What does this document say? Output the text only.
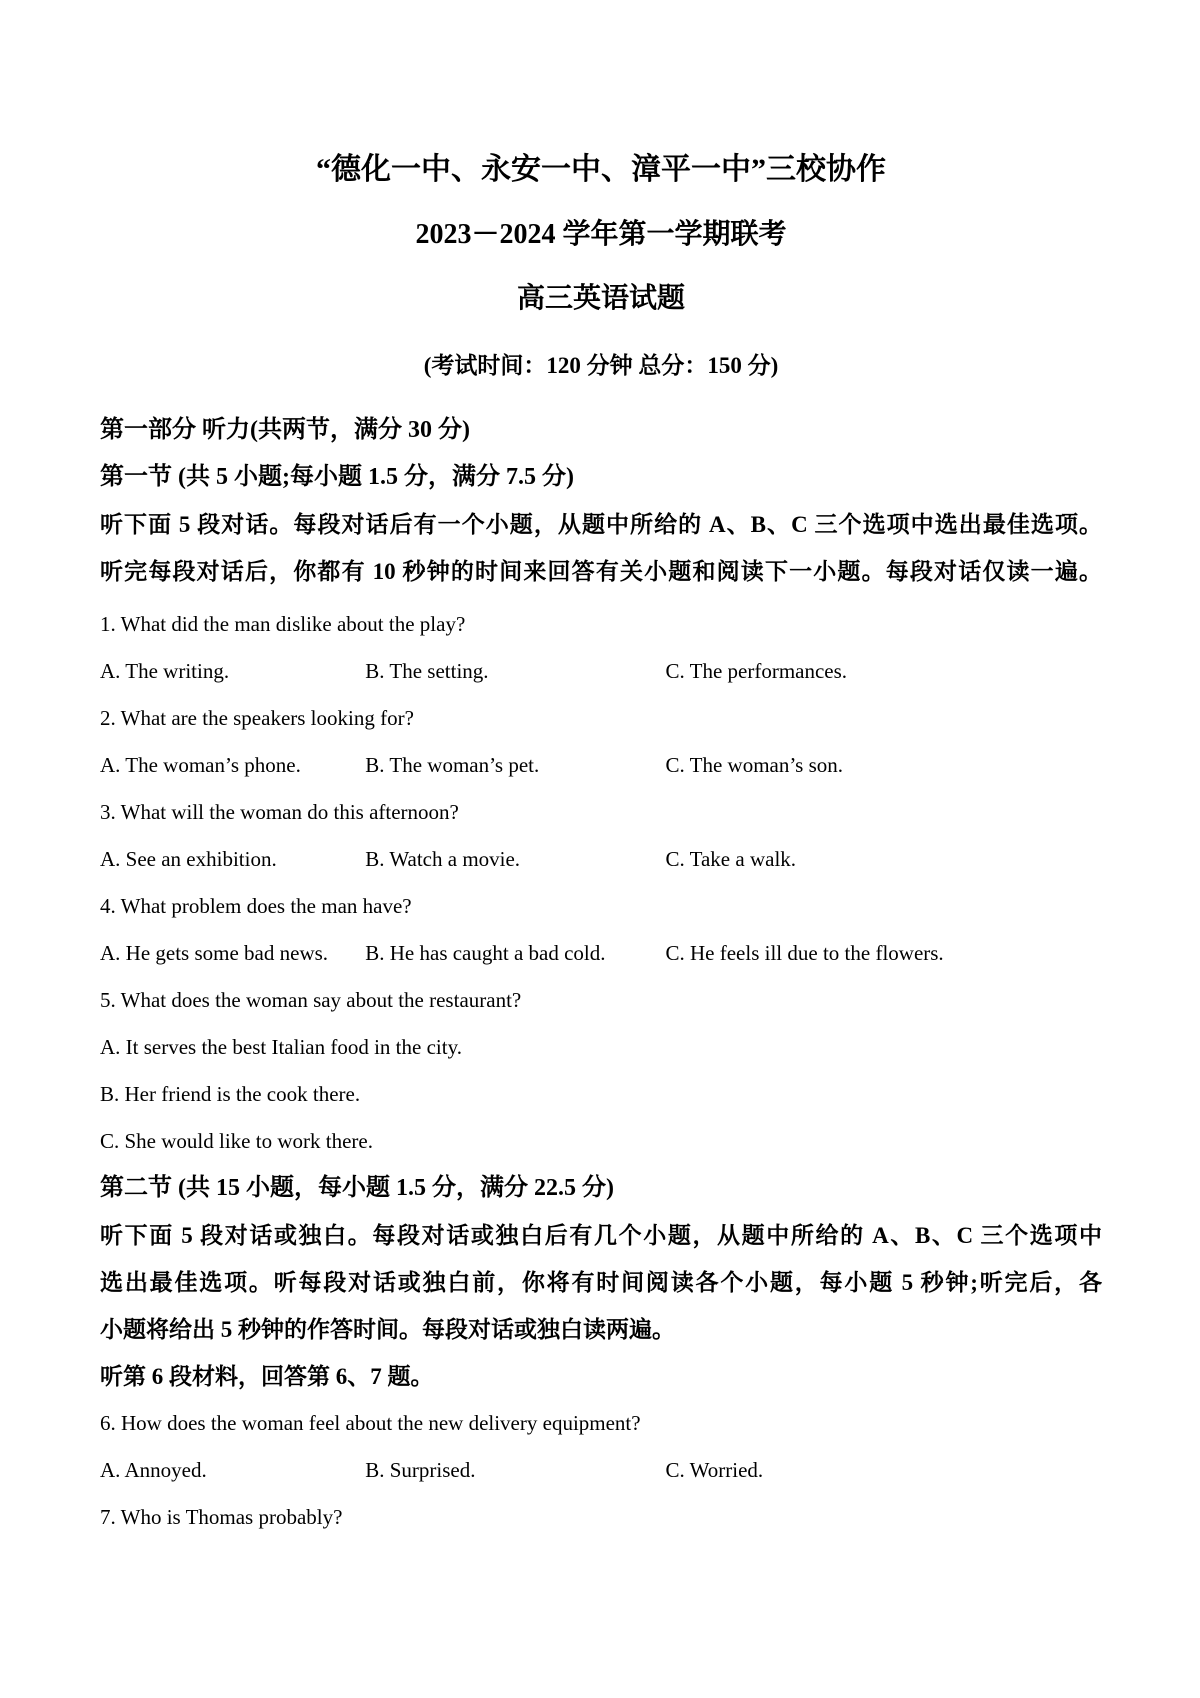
“德化一中、永安一中、漳平一中”三校协作
2023－2024 学年第一学期联考
高三英语试题
(考试时间：120 分钟 总分：150 分)
第一部分 听力(共两节，满分 30 分)
第一节 (共 5 小题;每小题 1.5 分，满分 7.5 分)
听下面 5 段对话。每段对话后有一个小题，从题中所给的 A、B、C 三个选项中选出最佳选项。
听完每段对话后，你都有 10 秒钟的时间来回答有关小题和阅读下一小题。每段对话仅读一遍。
1. What did the man dislike about the play?
A. The writing.	B. The setting.	C. The performances.
2. What are the speakers looking for?
A. The woman’s phone.	B. The woman’s pet.	C. The woman’s son.
3. What will the woman do this afternoon?
A. See an exhibition.	B. Watch a movie.	C. Take a walk.
4. What problem does the man have?
A. He gets some bad news. B. He has caught a bad cold.	C. He feels ill due to the flowers.
5. What does the woman say about the restaurant?
A. It serves the best Italian food in the city.
B. Her friend is the cook there.
C. She would like to work there.
第二节 (共 15 小题，每小题 1.5 分，满分 22.5 分)
听下面 5 段对话或独白。每段对话或独白后有几个小题，从题中所给的 A、B、C 三个选项中
选出最佳选项。听每段对话或独白前，你将有时间阅读各个小题，每小题 5 秒钟;听完后，各
小题将给出 5 秒钟的作答时间。每段对话或独白读两遍。
听第 6 段材料，回答第 6、7 题。
6. How does the woman feel about the new delivery equipment?
A. Annoyed.	B. Surprised.	C. Worried.
7. Who is Thomas probably?
